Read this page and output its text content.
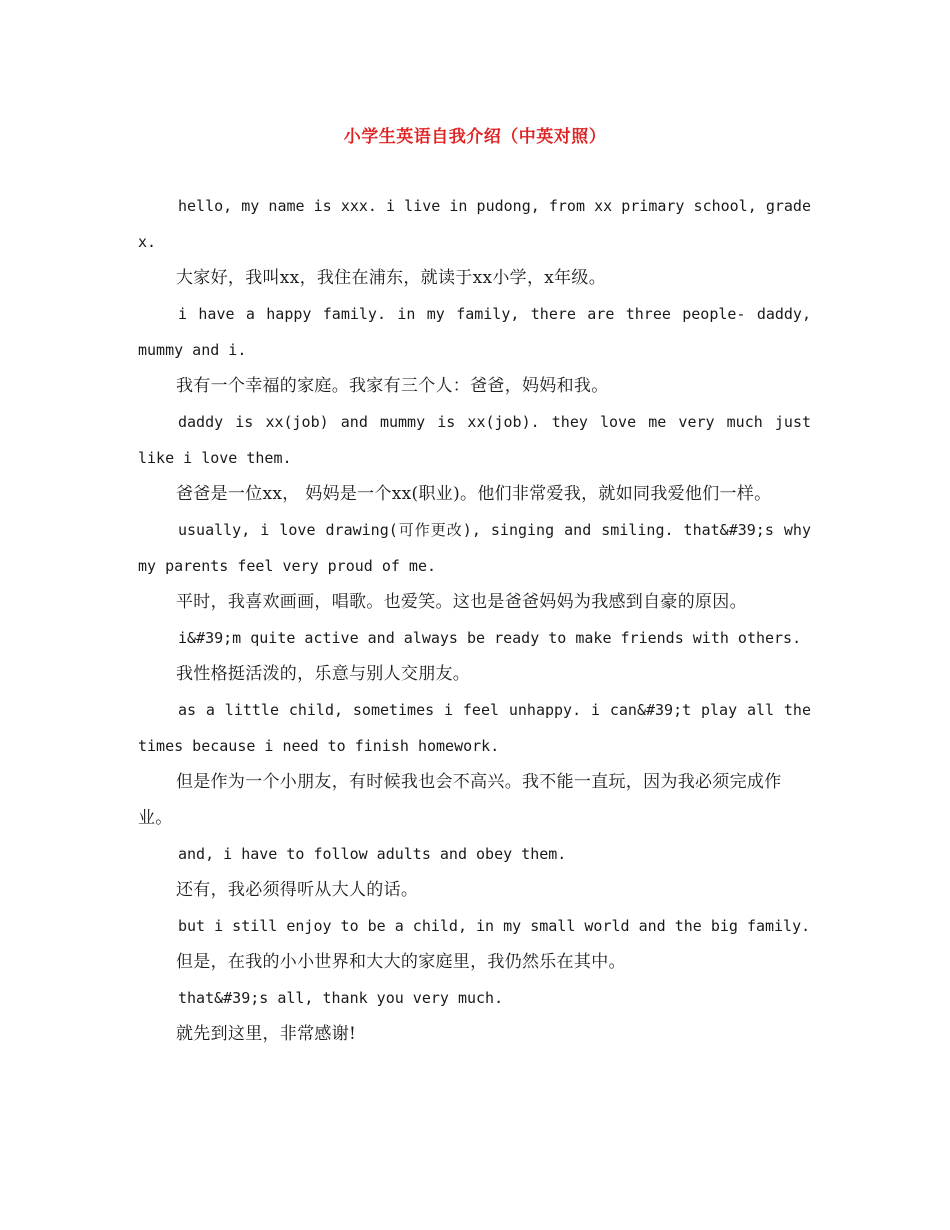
小学生英语自我介绍（中英对照）

hello, my name is xxx. i live in pudong, from xx primary school, grade x.

大家好，我叫xx，我住在浦东，就读于xx小学，x年级。

i have a happy family. in my family, there are three people- daddy, mummy and i.

我有一个幸福的家庭。我家有三个人：爸爸，妈妈和我。

daddy is xx(job) and mummy is xx(job). they love me very much just like i love them.

爸爸是一位xx， 妈妈是一个xx(职业)。他们非常爱我，就如同我爱他们一样。

usually, i love drawing(可作更改), singing and smiling. that&#39;s why my parents feel very proud of me.

平时，我喜欢画画，唱歌。也爱笑。这也是爸爸妈妈为我感到自豪的原因。

i&#39;m quite active and always be ready to make friends with others.

我性格挺活泼的，乐意与别人交朋友。

as a little child, sometimes i feel unhappy. i can&#39;t play all the times because i need to finish homework.

但是作为一个小朋友，有时候我也会不高兴。我不能一直玩，因为我必须完成作业。

and, i have to follow adults and obey them.

还有，我必须得听从大人的话。

but i still enjoy to be a child, in my small world and the big family.

但是，在我的小小世界和大大的家庭里，我仍然乐在其中。

that&#39;s all, thank you very much.

就先到这里，非常感谢!
